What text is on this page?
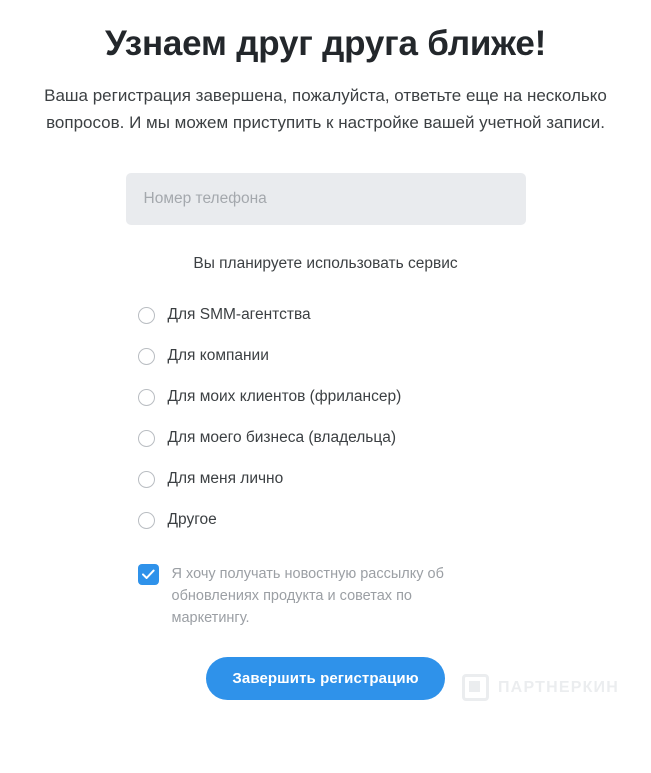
Узнаем друг друга ближе!

Ваша регистрация завершена, пожалуйста, ответьте еще на несколько вопросов. И мы можем приступить к настройке вашей учетной записи.

Номер телефона
Вы планируете использовать сервис
Для SMM-агентства
Для компании
Для моих клиентов (фрилансер)
Для моего бизнеса (владельца)
Для меня лично
Другое
Я хочу получать новостную рассылку об обновлениях продукта и советах по маркетингу.
Завершить регистрацию
ПАРТНЕРКИН
